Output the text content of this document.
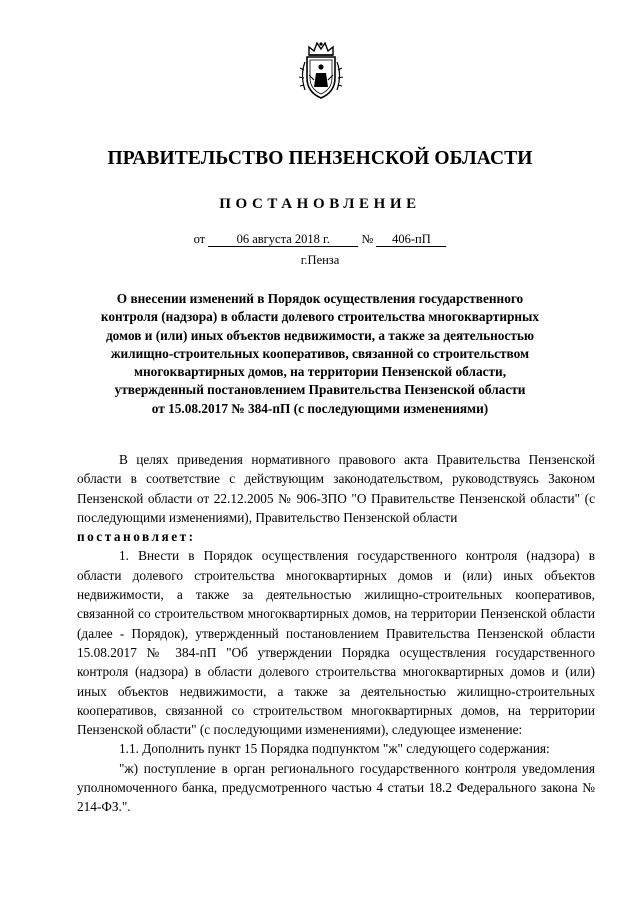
ПРАВИТЕЛЬСТВО ПЕНЗЕНСКОЙ ОБЛАСТИ
ПОСТАНОВЛЕНИЕ
от	06 августа 2018 г.	№ 406-пП
г.Пенза
О внесении изменений в Порядок осуществления государственного
контроля (надзора) в области долевого строительства многоквартирных
домов и (или) иных объектов недвижимости, а также за деятельностью
жилищно-строительных кооперативов, связанной со строительством
многоквартирных домов, на территории Пензенской области,
утвержденный постановлением Правительства Пензенской области
от 15.08.2017 № 384-пП (с последующими изменениями)

В целях приведения нормативного правового акта Правительства Пензенской области в соответствие с действующим законодательством, руководствуясь Законом Пензенской области от 22.12.2005 № 906-ЗПО "О Правительстве Пензенской области" (с последующими изменениями), Правительство Пензенской области
постановляет:

1. Внести в Порядок осуществления государственного контроля (надзора) в области долевого строительства многоквартирных домов и (или) иных объектов недвижимости, а также за деятельностью жилищно-строительных кооперативов, связанной со строительством многоквартирных домов, на территории Пензенской области (далее - Порядок), утвержденный постановлением Правительства Пензенской области 15.08.2017 № 384-пП "Об утверждении Порядка осуществления государственного контроля (надзора) в области долевого строительства многоквартирных домов и (или) иных объектов недвижимости, а также за деятельностью жилищно-строительных кооперативов, связанной со строительством многоквартирных домов, на территории Пензенской области" (с последующими изменениями), следующее изменение:

1.1. Дополнить пункт 15 Порядка подпунктом "ж" следующего содержания:

"ж) поступление в орган регионального государственного контроля уведомления уполномоченного банка, предусмотренного частью 4 статьи 18.2 Федерального закона № 214-ФЗ.".
